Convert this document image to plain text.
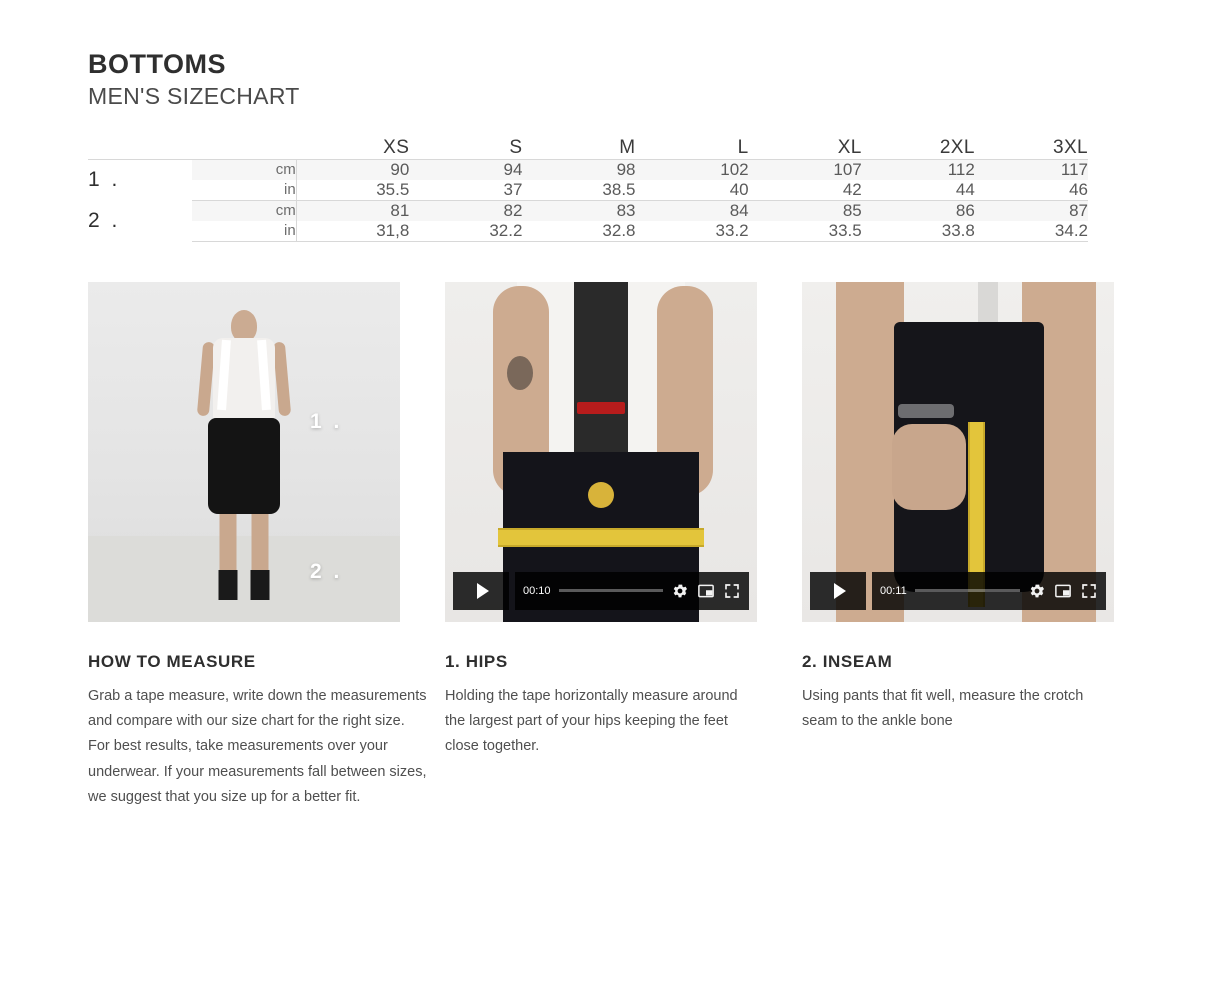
BOTTOMS
MEN'S SIZECHART
		XS	S	M	L	XL	2XL	3XL
1 .	cm	90	94	98	102	107	112	117
	in	35.5	37	38.5	40	42	44	46
2 .	cm	81	82	83	84	85	86	87
	in	31,8	32.2	32.8	33.2	33.5	33.8	34.2
1 .
2 .
HOW TO MEASURE
Grab a tape measure, write down the measurements and compare with our size chart for the right size. For best results, take measurements over your underwear. If your measurements fall between sizes, we suggest that you size up for a better fit.
00:10
1. HIPS
Holding the tape horizontally measure around the largest part of your hips keeping the feet close together.
00:11
2. INSEAM
Using pants that fit well, measure the crotch seam to the ankle bone
